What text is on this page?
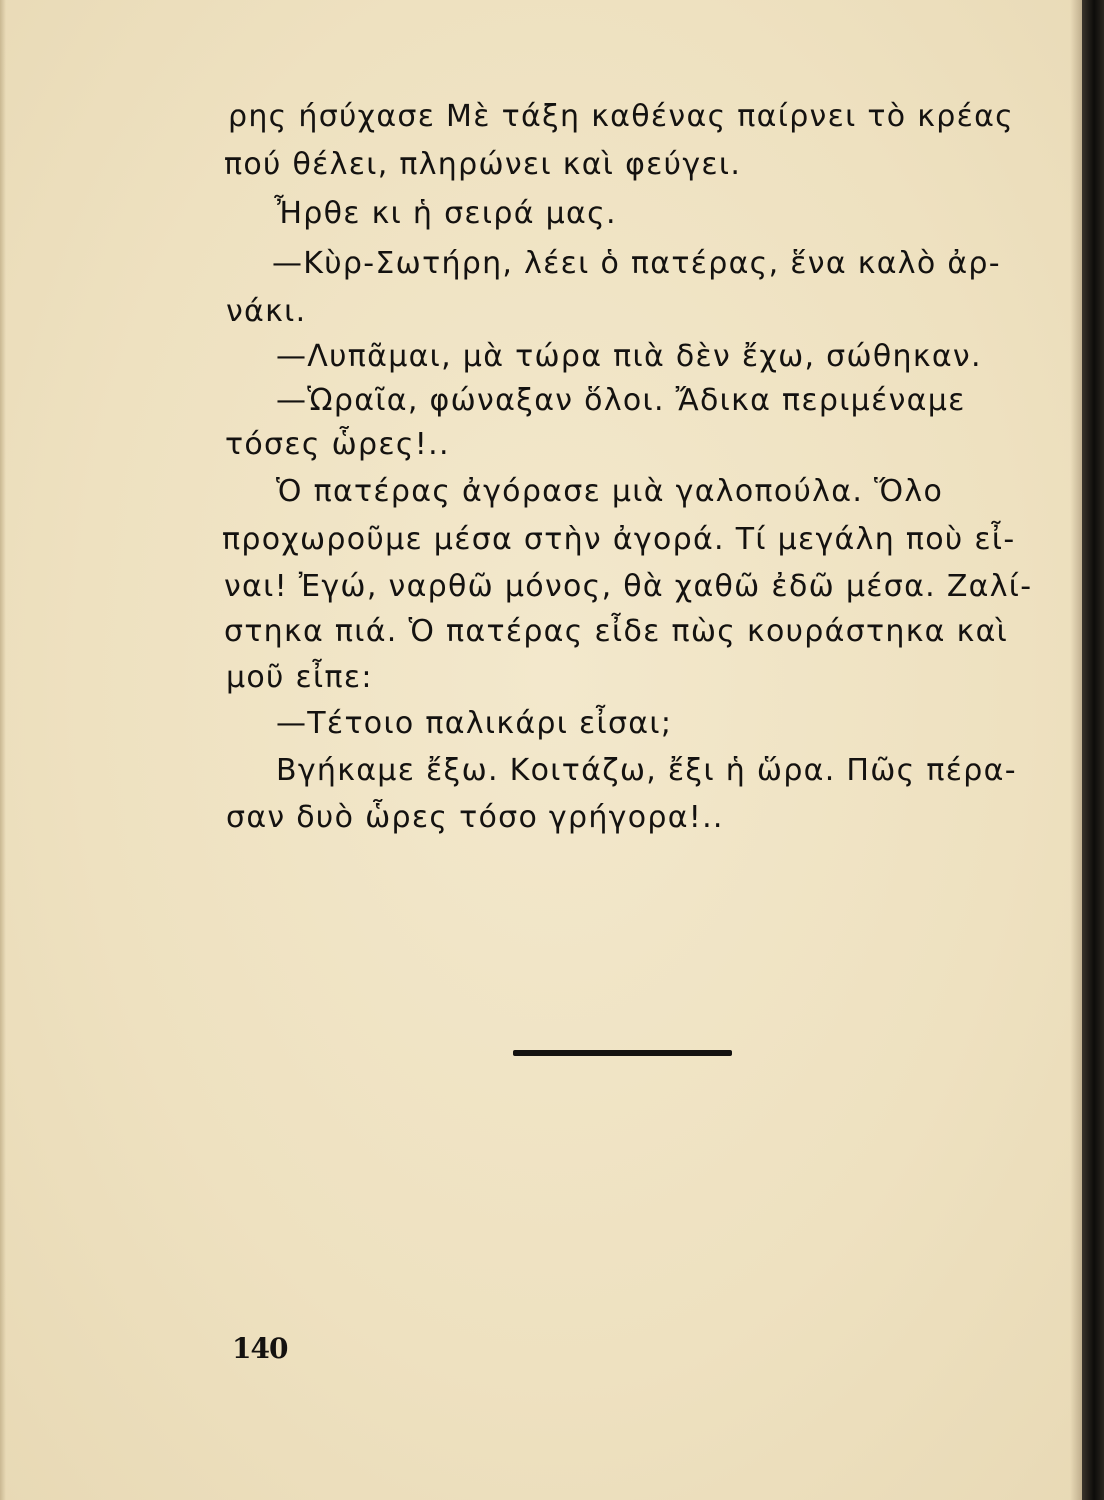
ρης ήσύχασε Μὲ τάξη καθένας παίρνει τὸ κρέας

πού θέλει, πληρώνει καὶ φεύγει.

Ἦρθε κι ἡ σειρά μας.

—Κὺρ-Σωτήρη, λέει ὁ πατέρας, ἕνα καλὸ ἀρ-

νάκι.

—Λυπᾶμαι, μὰ τώρα πιὰ δὲν ἔχω, σώθηκαν.

—Ὡραῖα, φώναξαν ὅλοι. Ἄδικα περιμέναμε

τόσες ὧρες!..

Ὁ πατέρας ἀγόρασε μιὰ γαλοπούλα. Ὅλο

προχωροῦμε μέσα στὴν ἀγορά. Τί μεγάλη ποὺ εἶ-

ναι! Ἐγώ, ναρθῶ μόνος, θὰ χαθῶ ἐδῶ μέσα. Ζαλί-

στηκα πιά. Ὁ πατέρας εἶδε πὼς κουράστηκα καὶ

μοῦ εἶπε:

—Τέτοιο παλικάρι εἶσαι;

Βγήκαμε ἔξω. Κοιτάζω, ἔξι ἡ ὥρα. Πῶς πέρα-

σαν δυὸ ὧρες τόσο γρήγορα!..

140
